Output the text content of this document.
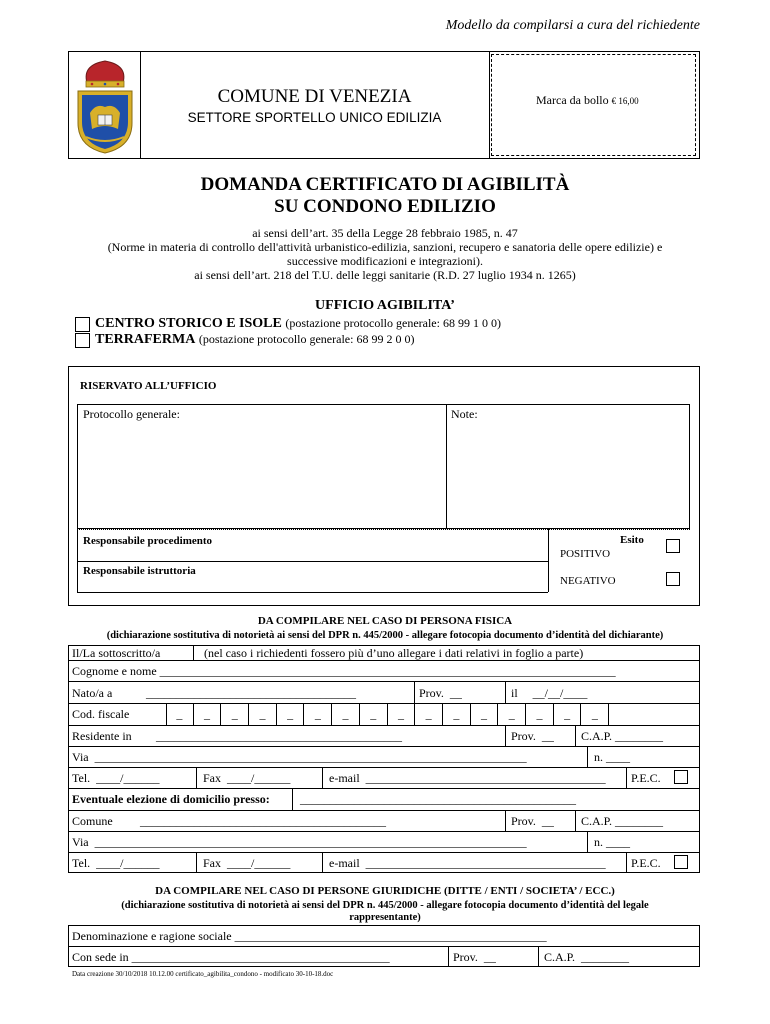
Modello da compilarsi a cura del richiedente
COMUNE DI VENEZIA
SETTORE SPORTELLO UNICO EDILIZIA
Marca da bollo € 16,00
DOMANDA CERTIFICATO DI AGIBILITÀ
SU CONDONO EDILIZIO
ai sensi dell’art. 35 della Legge 28 febbraio 1985, n. 47
(Norme in materia di controllo dell'attività urbanistico-edilizia, sanzioni, recupero e sanatoria delle opere edilizie) e
successive modificazioni e integrazioni).
ai sensi dell’art. 218 del T.U. delle leggi sanitarie (R.D. 27 luglio 1934 n. 1265)
UFFICIO AGIBILITA’
CENTRO STORICO E ISOLE (postazione protocollo generale: 68 99 1 0 0)
TERRAFERMA (postazione protocollo generale: 68 99 2 0 0)
RISERVATO ALL’UFFICIO
Protocollo generale:	Note:
Responsabile procedimento
Responsabile istruttoria
Esito
POSITIVO
NEGATIVO
DA COMPILARE NEL CASO DI PERSONA FISICA
(dichiarazione sostitutiva di notorietà ai sensi del DPR n. 445/2000 - allegare fotocopia documento d’identità del dichiarante)
Il/La sottoscritto/a	(nel caso i richiedenti fossero più d’uno allegare i dati relativi in foglio a parte)
Cognome e nome ____________________________________________________________________________
Nato/a a	___________________________________	Prov.  __	il     __/__/____
Cod. fiscale	_	_	_	_	_	_	_	_	_	_	_	_	_	_	_	_
Residente in _________________________________________	Prov.  __ C.A.P. ________
Via  ________________________________________________________________________	n. ____
Tel.  ____/______	Fax  ____/______	e-mail  ________________________________________ P.E.C.
Eventuale elezione di domicilio presso:	______________________________________________
Comune _________________________________________	Prov.  __ C.A.P. ________
Via  ________________________________________________________________________	n. ____
Tel.  ____/______	Fax  ____/______	e-mail  ________________________________________ P.E.C.
DA COMPILARE NEL CASO DI PERSONE GIURIDICHE (DITTE / ENTI / SOCIETA’ / ECC.)
(dichiarazione sostitutiva di notorietà ai sensi del DPR n. 445/2000 - allegare fotocopia documento d’identità del legale
rappresentante)
Denominazione e ragione sociale ____________________________________________________
Con sede in ___________________________________________	Prov.  __	C.A.P.  ________
Data creazione 30/10/2018 10.12.00 certificato_agibilita_condono - modificato 30-10-18.doc
